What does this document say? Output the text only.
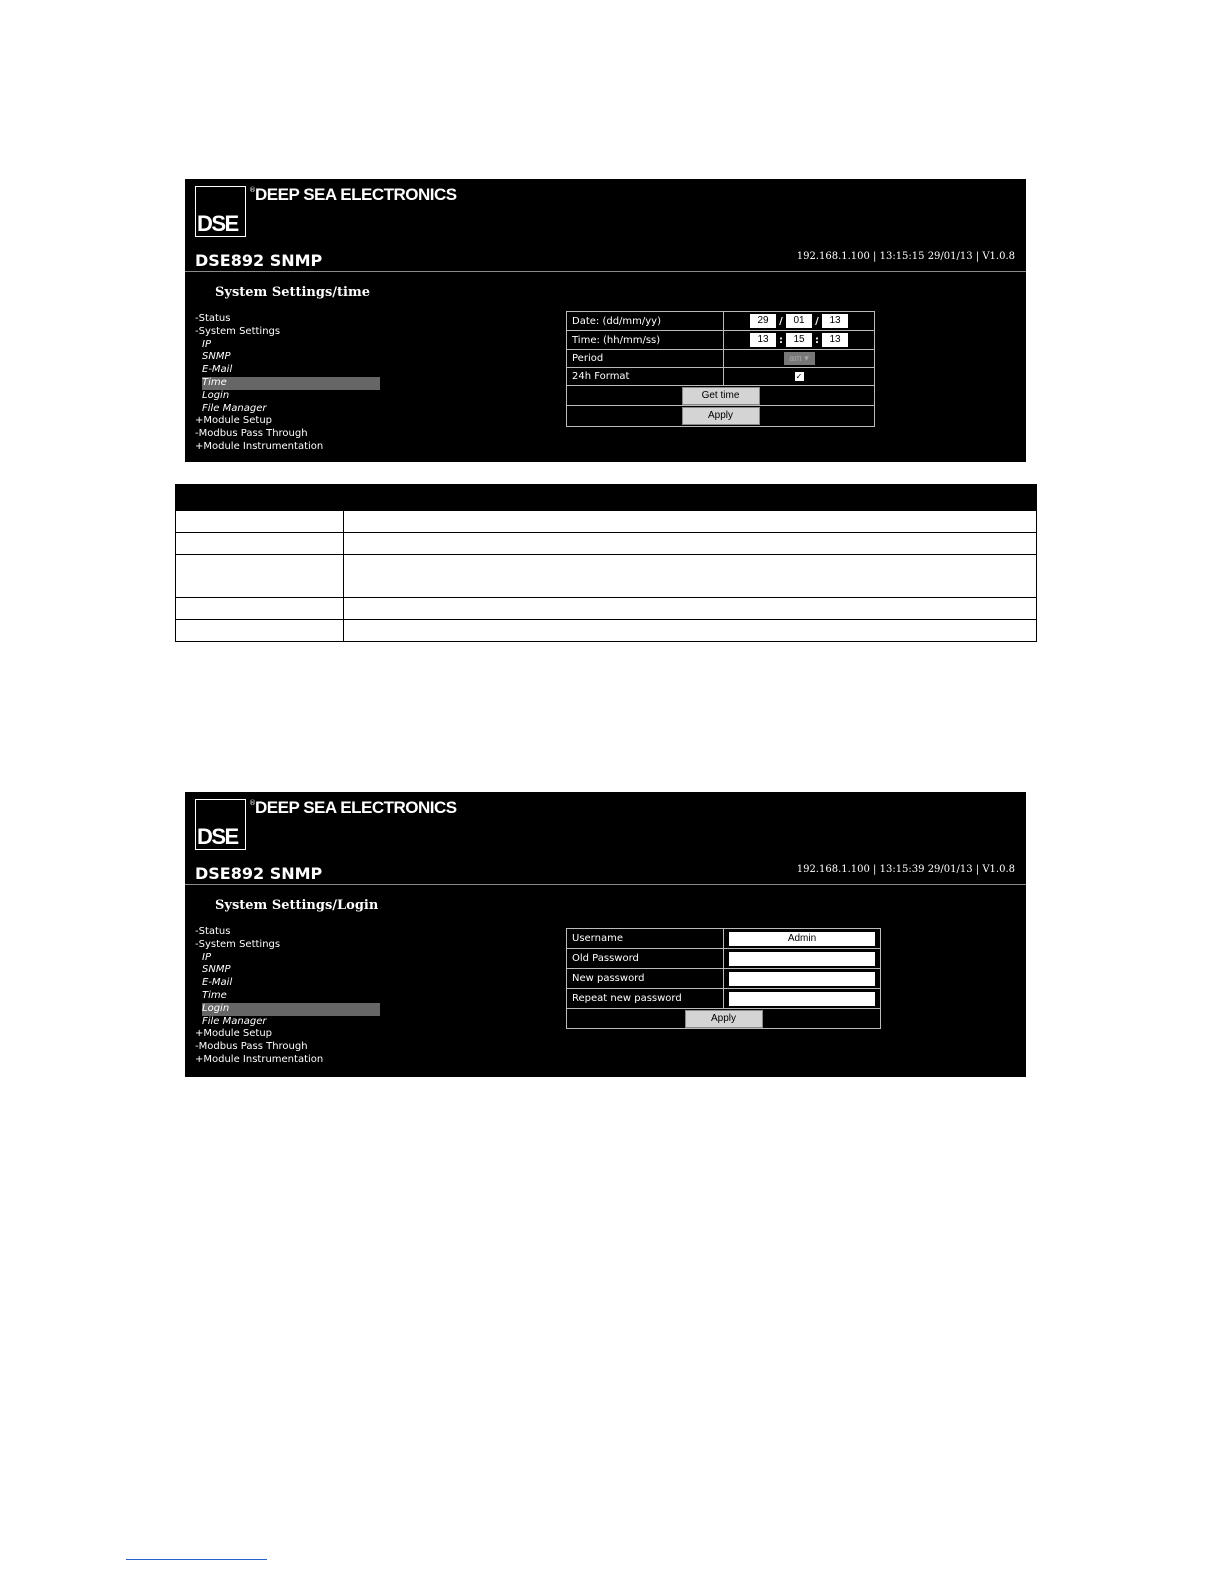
DSE
® DEEP SEA ELECTRONICS
DSE892 SNMP	192.168.1.100 | 13:15:15 29/01/13 | V1.0.8
System Settings/time
-Status
-System Settings
IP
SNMP
E-Mail
Time
Login
File Manager
+Module Setup
-Modbus Pass Through
+Module Instrumentation
Date: (dd/mm/yy)	29 / 01 / 13
Time: (hh/mm/ss)	13 : 15 : 13
Period	am ▾
24h Format	✓
Get time	
Apply	

DSE
® DEEP SEA ELECTRONICS
DSE892 SNMP	192.168.1.100 | 13:15:39 29/01/13 | V1.0.8
System Settings/Login
-Status
-System Settings
IP
SNMP
E-Mail
Time
Login
File Manager
+Module Setup
-Modbus Pass Through
+Module Instrumentation
Username	Admin
Old Password	
New password	
Repeat new password	
Apply	
